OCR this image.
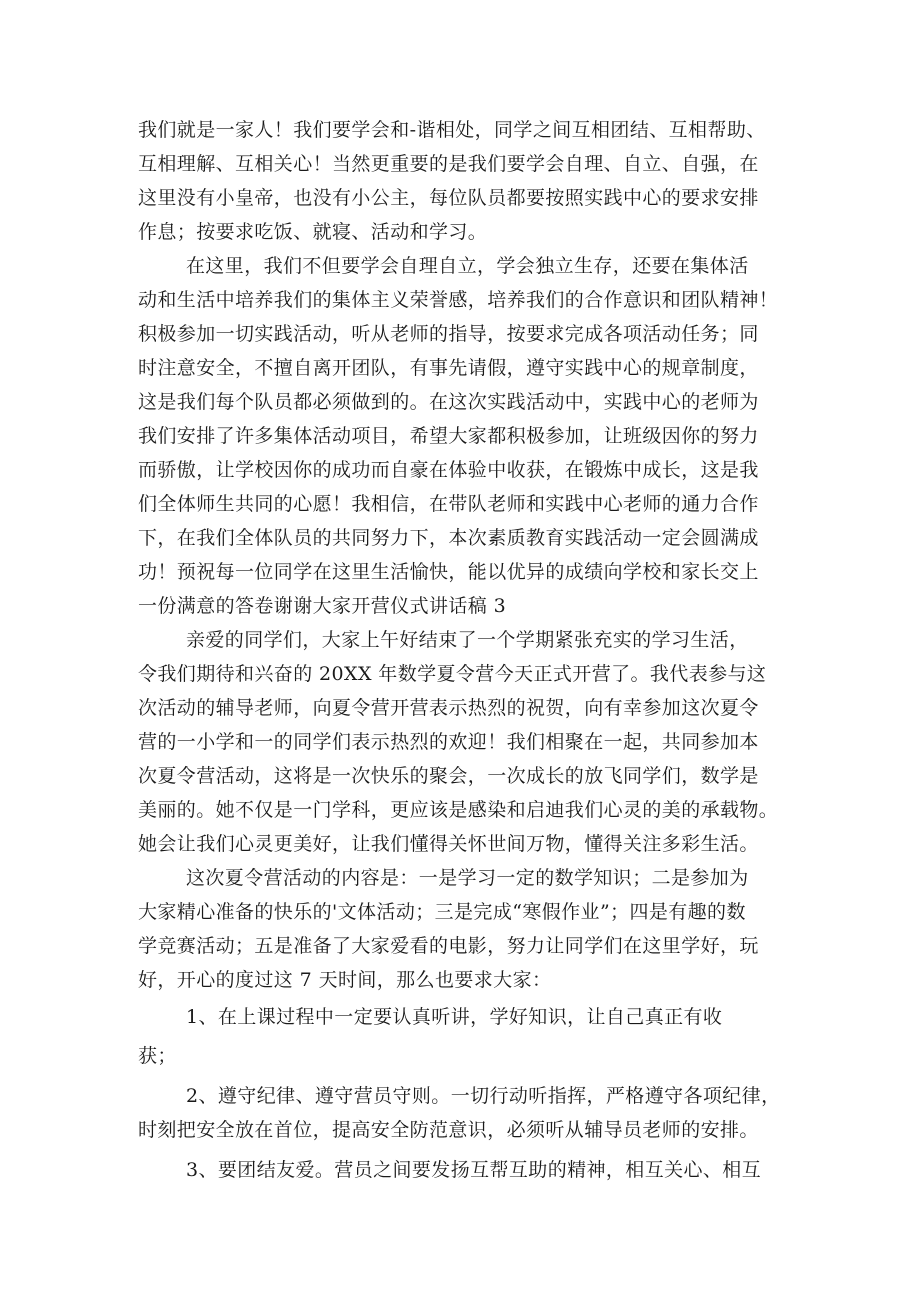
我们就是一家人！我们要学会和-谐相处，同学之间互相团结、互相帮助、
互相理解、互相关心！当然更重要的是我们要学会自理、自立、自强，在
这里没有小皇帝，也没有小公主，每位队员都要按照实践中心的要求安排
作息；按要求吃饭、就寝、活动和学习。
在这里，我们不但要学会自理自立，学会独立生存，还要在集体活
动和生活中培养我们的集体主义荣誉感，培养我们的合作意识和团队精神！
积极参加一切实践活动，听从老师的指导，按要求完成各项活动任务；同
时注意安全，不擅自离开团队，有事先请假，遵守实践中心的规章制度，
这是我们每个队员都必须做到的。在这次实践活动中，实践中心的老师为
我们安排了许多集体活动项目，希望大家都积极参加，让班级因你的努力
而骄傲，让学校因你的成功而自豪在体验中收获，在锻炼中成长，这是我
们全体师生共同的心愿！我相信，在带队老师和实践中心老师的通力合作
下，在我们全体队员的共同努力下，本次素质教育实践活动一定会圆满成
功！预祝每一位同学在这里生活愉快，能以优异的成绩向学校和家长交上
一份满意的答卷谢谢大家开营仪式讲话稿 3
亲爱的同学们，大家上午好结束了一个学期紧张充实的学习生活，
令我们期待和兴奋的 20XX 年数学夏令营今天正式开营了。我代表参与这
次活动的辅导老师，向夏令营开营表示热烈的祝贺，向有幸参加这次夏令
营的一小学和一的同学们表示热烈的欢迎！我们相聚在一起，共同参加本
次夏令营活动，这将是一次快乐的聚会，一次成长的放飞同学们，数学是
美丽的。她不仅是一门学科，更应该是感染和启迪我们心灵的美的承载物。
她会让我们心灵更美好，让我们懂得关怀世间万物，懂得关注多彩生活。
这次夏令营活动的内容是：一是学习一定的数学知识；二是参加为
大家精心准备的快乐的'文体活动；三是完成“寒假作业”；四是有趣的数
学竞赛活动；五是准备了大家爱看的电影，努力让同学们在这里学好，玩
好，开心的度过这 7 天时间，那么也要求大家：
1、在上课过程中一定要认真听讲，学好知识，让自己真正有收
获；
2、遵守纪律、遵守营员守则。一切行动听指挥，严格遵守各项纪律，
时刻把安全放在首位，提高安全防范意识，必须听从辅导员老师的安排。
3、要团结友爱。营员之间要发扬互帮互助的精神，相互关心、相互
